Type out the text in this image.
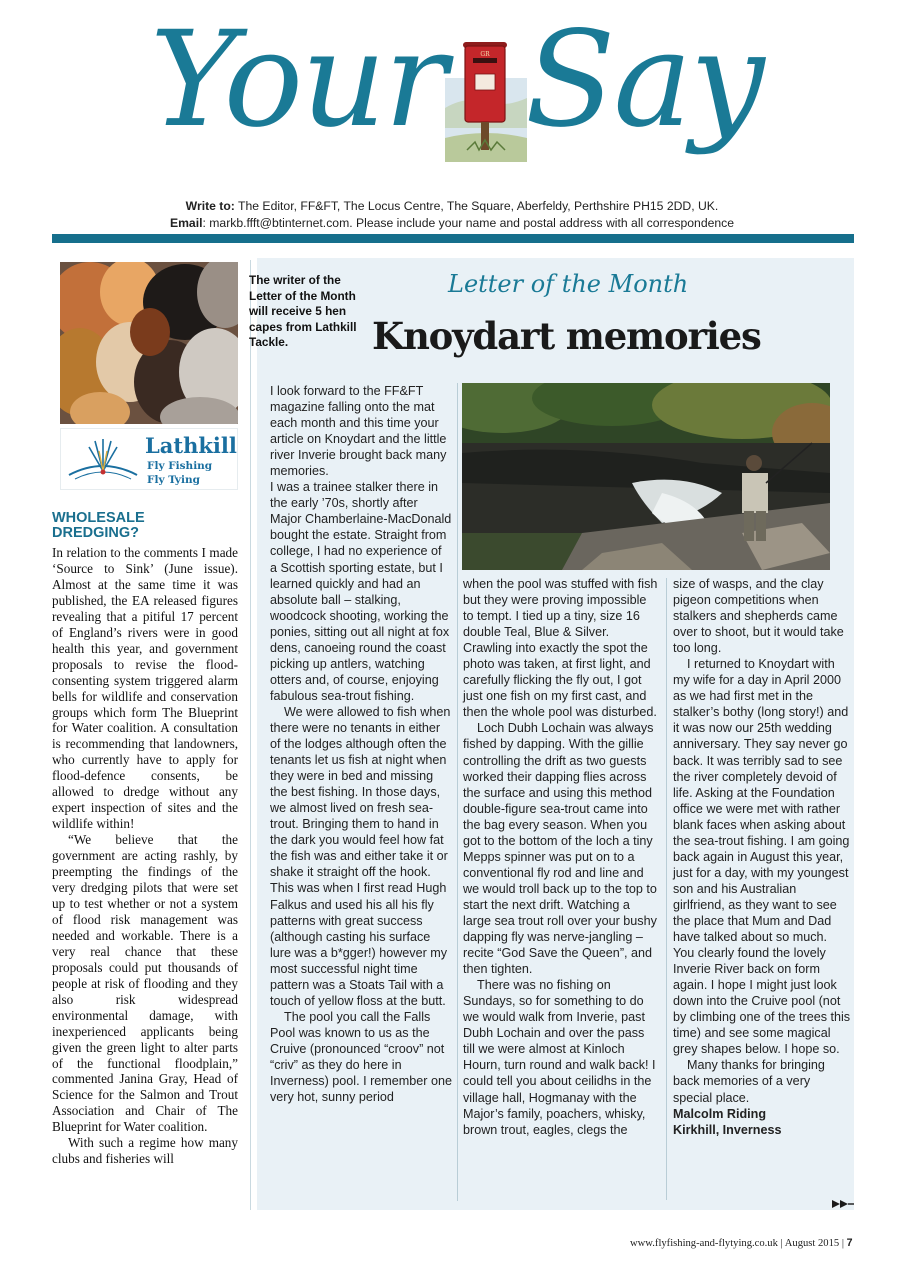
Your	GR Say
Write to: The Editor, FF&FT, The Locus Centre, The Square, Aberfeldy, Perthshire PH15 2DD, UK.
Email: markb.ffft@btinternet.com. Please include your name and postal address with all correspondence
Lathkill
Fly Fishing
Fly Tying
WHOLESALE
DREDGING?

In relation to the comments I made ‘Source to Sink’ (June issue). Almost at the same time it was published, the EA released figures revealing that a pitiful 17 percent of England’s rivers were in good health this year, and government proposals to revise the flood-consenting system triggered alarm bells for wildlife and conservation groups which form The Blueprint for Water coalition. A consultation is recommending that landowners, who currently have to apply for flood-defence consents, be allowed to dredge without any expert inspection of sites and the wildlife within!

“We believe that the government are acting rashly, by preempting the findings of the very dredging pilots that were set up to test whether or not a system of flood risk management was needed and workable. There is a very real chance that these proposals could put thousands of people at risk of flooding and they also risk widespread environmental damage, with inexperienced applicants being given the green light to alter parts of the functional floodplain,” commented Janina Gray, Head of Science for the Salmon and Trout Association and Chair of The Blueprint for Water coalition.

With such a regime how many clubs and fisheries will

The writer of the Letter of the Month will receive 5 hen capes from Lathkill Tackle.
Letter of the Month
Knoydart memories

I look forward to the FF&FT magazine falling onto the mat each month and this time your article on Knoydart and the little river Inverie brought back many memories.

I was a trainee stalker there in the early ’70s, shortly after Major Chamberlaine-MacDonald bought the estate. Straight from college, I had no experience of a Scottish sporting estate, but I learned quickly and had an absolute ball – stalking, woodcock shooting, working the ponies, sitting out all night at fox dens, canoeing round the coast picking up antlers, watching otters and, of course, enjoying fabulous sea-trout fishing.

We were allowed to fish when there were no tenants in either of the lodges although often the tenants let us fish at night when they were in bed and missing the best fishing. In those days, we almost lived on fresh sea-trout. Bringing them to hand in the dark you would feel how fat the fish was and either take it or shake it straight off the hook. This was when I first read Hugh Falkus and used his all his fly patterns with great success (although casting his surface lure was a b*gger!) however my most successful night time pattern was a Stoats Tail with a touch of yellow floss at the butt.

The pool you call the Falls Pool was known to us as the Cruive (pronounced “croov” not “criv” as they do here in Inverness) pool. I remember one very hot, sunny period

when the pool was stuffed with fish but they were proving impossible to tempt. I tied up a tiny, size 16 double Teal, Blue & Silver. Crawling into exactly the spot the photo was taken, at first light, and carefully flicking the fly out, I got just one fish on my first cast, and then the whole pool was disturbed.

Loch Dubh Lochain was always fished by dapping. With the gillie controlling the drift as two guests worked their dapping flies across the surface and using this method double-figure sea-trout came into the bag every season. When you got to the bottom of the loch a tiny Mepps spinner was put on to a conventional fly rod and line and we would troll back up to the top to start the next drift. Watching a large sea trout roll over your bushy dapping fly was nerve-jangling – recite “God Save the Queen”, and then tighten.

There was no fishing on Sundays, so for something to do we would walk from Inverie, past Dubh Lochain and over the pass till we were almost at Kinloch Hourn, turn round and walk back! I could tell you about ceilidhs in the village hall, Hogmanay with the Major’s family, poachers, whisky, brown trout, eagles, clegs the

size of wasps, and the clay pigeon competitions when stalkers and shepherds came over to shoot, but it would take too long.

I returned to Knoydart with my wife for a day in April 2000 as we had first met in the stalker’s bothy (long story!) and it was now our 25th wedding anniversary. They say never go back. It was terribly sad to see the river completely devoid of life. Asking at the Foundation office we were met with rather blank faces when asking about the sea-trout fishing. I am going back again in August this year, just for a day, with my youngest son and his Australian girlfriend, as they want to see the place that Mum and Dad have talked about so much. You clearly found the lovely Inverie River back on form again. I hope I might just look down into the Cruive pool (not by climbing one of the trees this time) and see some magical grey shapes below. I hope so.

Many thanks for bringing back memories of a very special place.

Malcolm Riding

Kirkhill, Inverness

www.flyfishing-and-flytying.co.uk | August 2015 | 7
